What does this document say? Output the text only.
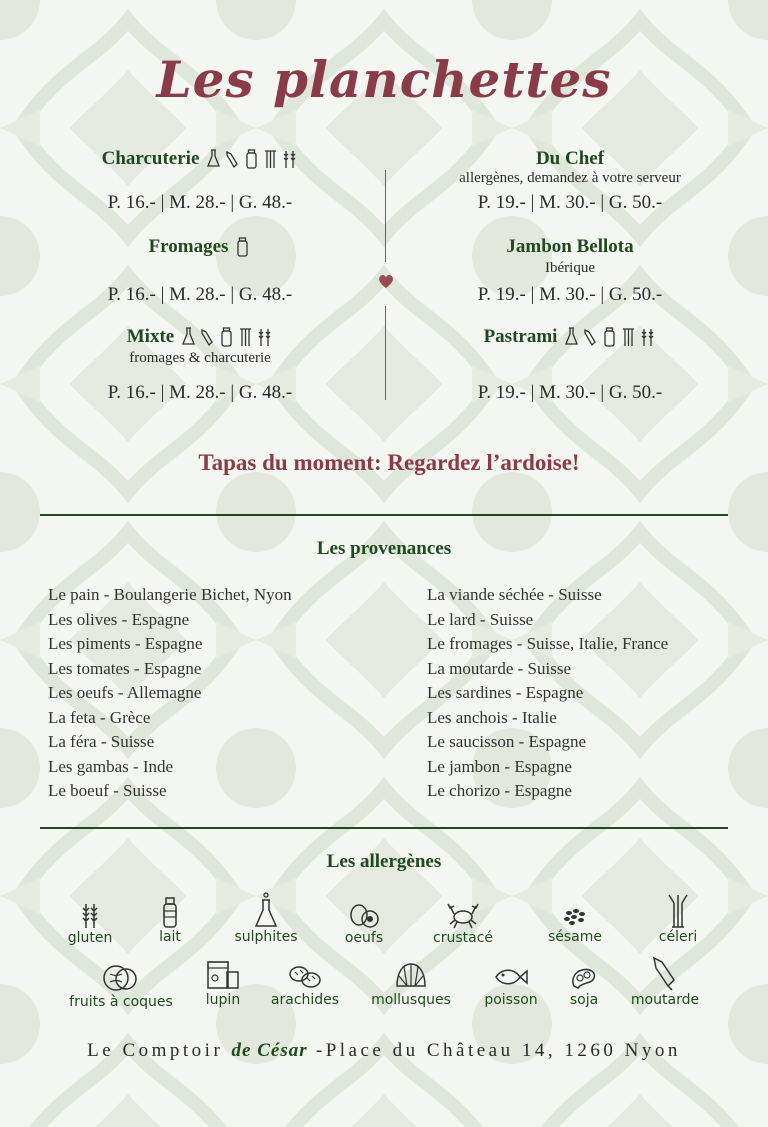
Les planchettes
Charcuterie
P. 16.- | M. 28.- | G. 48.-
Fromages
P. 16.- | M. 28.- | G. 48.-
Mixte
fromages & charcuterie
P. 16.- | M. 28.- | G. 48.-
Du Chef
allergènes, demandez à votre serveur
P. 19.- | M. 30.- | G. 50.-
Jambon Bellota
Ibérique
P. 19.- | M. 30.- | G. 50.-
Pastrami
P. 19.- | M. 30.- | G. 50.-
Tapas du moment: Regardez l’ardoise!
Les provenances
Le pain - Boulangerie Bichet, Nyon
Les olives - Espagne
Les piments - Espagne
Les tomates - Espagne
Les oeufs - Allemagne
La feta - Grèce
La féra - Suisse
Les gambas - Inde
Le boeuf - Suisse
La viande séchée - Suisse
Le lard - Suisse
Le fromages - Suisse, Italie, France
La moutarde - Suisse
Les sardines - Espagne
Les anchois - Italie
Le saucisson - Espagne
Le jambon - Espagne
Le chorizo - Espagne
Les allergènes
gluten	lait	sulphites	oeufs	crustacé	sésame	céleri
fruits à coques	lupin	arachides	mollusques	poisson	soja	moutarde
Le Comptoir de César -Place du Château 14, 1260 Nyon
